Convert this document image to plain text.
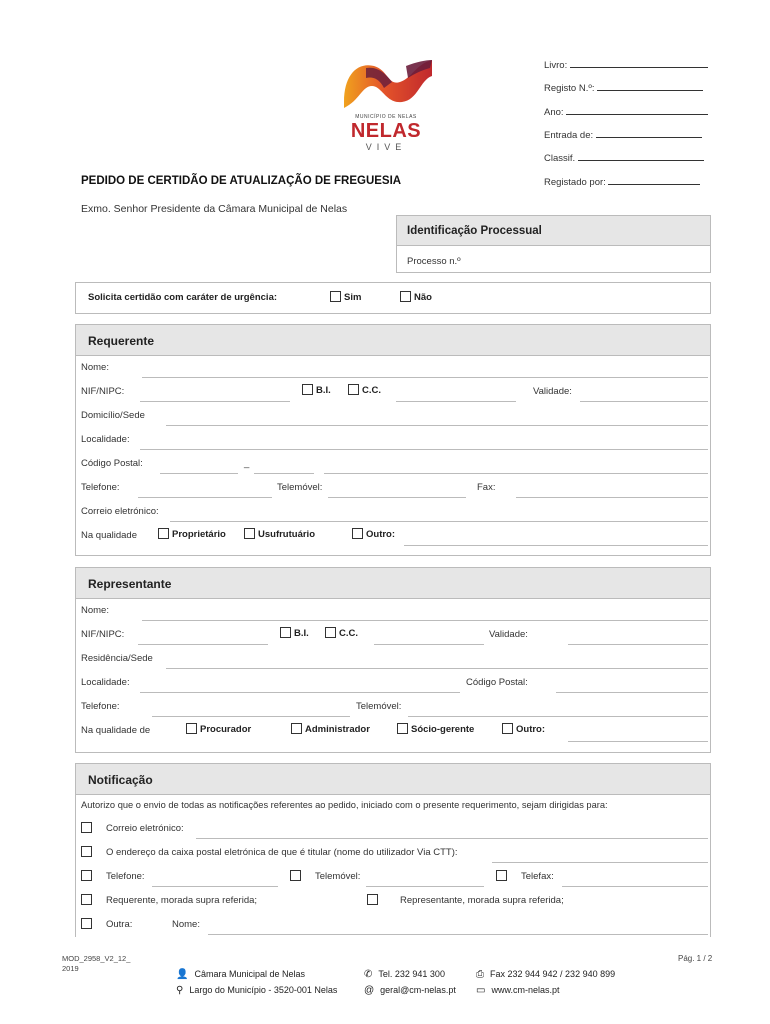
MUNICÍPIO DE NELAS
NELAS
VIVE
Livro:
Registo N.º:
Ano:
Entrada de:
Classif.
Registado por:
PEDIDO DE CERTIDÃO DE ATUALIZAÇÃO DE FREGUESIA
Exmo. Senhor Presidente da Câmara Municipal de Nelas
Identificação Processual
Processo n.º
Solicita certidão com caráter de urgência:	Sim	Não
Requerente
Nome:
NIF/NIPC:	B.I.	C.C.	Validade:
Domicílio/Sede
Localidade:
Código Postal:	_
Telefone:	Telemóvel:	Fax:
Correio eletrónico:
Na qualidade	Proprietário	Usufrutuário	Outro:
Representante
Nome:
NIF/NIPC:	B.I.	C.C.	Validade:
Residência/Sede
Localidade:	Código Postal:
Telefone:	Telemóvel:
Na qualidade de	Procurador	Administrador	Sócio-gerente	Outro:
Notificação
Autorizo que o envio de todas as notificações referentes ao pedido, iniciado com o presente requerimento, sejam dirigidas para:
Correio eletrónico:
O endereço da caixa postal eletrónica de que é titular (nome do utilizador Via CTT):
Telefone:	Telemóvel:	Telefax:
Requerente, morada supra referida;	Representante, morada supra referida;
Outra:	Nome:
MOD_2958_V2_12_
2019
Pág. 1 / 2
👤 Câmara Municipal de Nelas
⚲ Largo do Município - 3520-001 Nelas
✆ Tel. 232 941 300
@ geral@cm-nelas.pt
⎙ Fax 232 944 942 / 232 940 899
▭ www.cm-nelas.pt
